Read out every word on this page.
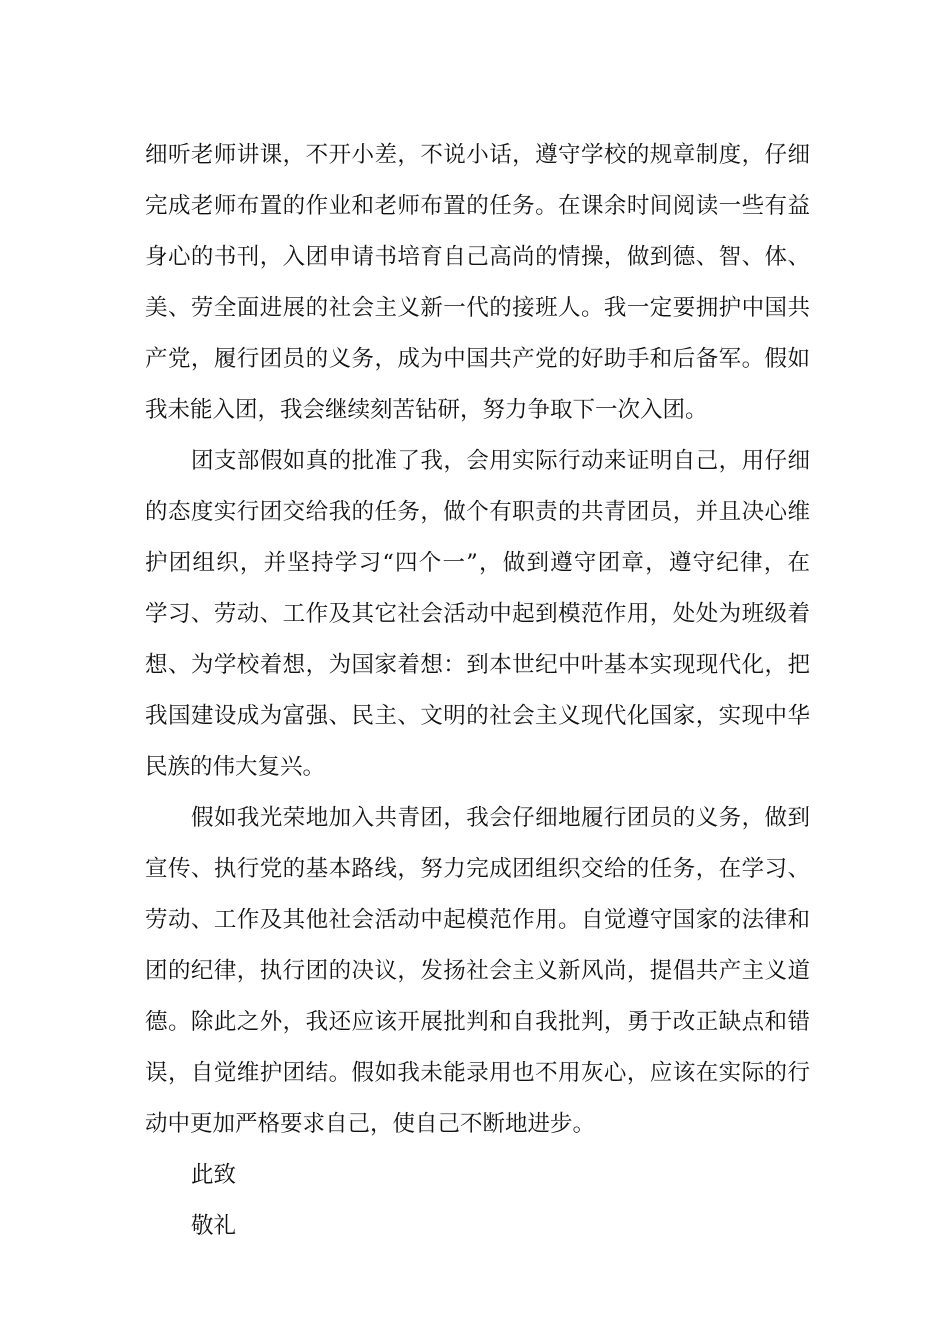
细听老师讲课，不开小差，不说小话，遵守学校的规章制度，仔细
完成老师布置的作业和老师布置的任务。在课余时间阅读一些有益
身心的书刊，入团申请书培育自己高尚的情操，做到德、智、体、
美、劳全面进展的社会主义新一代的接班人。我一定要拥护中国共
产党，履行团员的义务，成为中国共产党的好助手和后备军。假如
我未能入团，我会继续刻苦钻研，努力争取下一次入团。
团支部假如真的批准了我，会用实际行动来证明自己，用仔细
的态度实行团交给我的任务，做个有职责的共青团员，并且决心维
护团组织，并坚持学习“四个一”，做到遵守团章，遵守纪律，在
学习、劳动、工作及其它社会活动中起到模范作用，处处为班级着
想、为学校着想，为国家着想：到本世纪中叶基本实现现代化，把
我国建设成为富强、民主、文明的社会主义现代化国家，实现中华
民族的伟大复兴。
假如我光荣地加入共青团，我会仔细地履行团员的义务，做到
宣传、执行党的基本路线，努力完成团组织交给的任务，在学习、
劳动、工作及其他社会活动中起模范作用。自觉遵守国家的法律和
团的纪律，执行团的决议，发扬社会主义新风尚，提倡共产主义道
德。除此之外，我还应该开展批判和自我批判，勇于改正缺点和错
误，自觉维护团结。假如我未能录用也不用灰心，应该在实际的行
动中更加严格要求自己，使自己不断地进步。
此致
敬礼
